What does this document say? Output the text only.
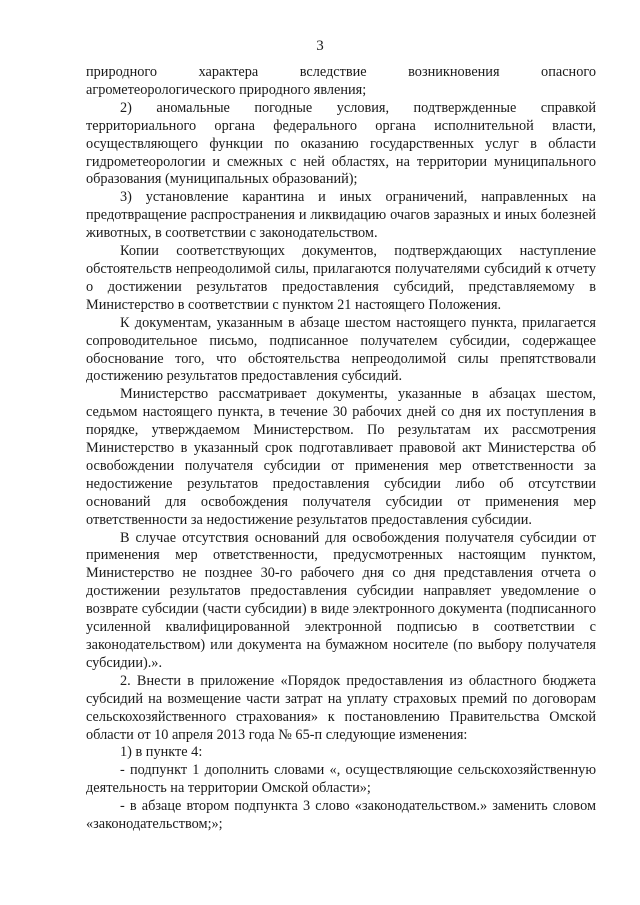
3

природного характера вследствие возникновения опасного агрометеорологического природного явления;

2) аномальные погодные условия, подтвержденные справкой территориального органа федерального органа исполнительной власти, осуществляющего функции по оказанию государственных услуг в области гидрометеорологии и смежных с ней областях, на территории муниципального образования (муниципальных образований);

3) установление карантина и иных ограничений, направленных на предотвращение распространения и ликвидацию очагов заразных и иных болезней животных, в соответствии с законодательством.

Копии соответствующих документов, подтверждающих наступление обстоятельств непреодолимой силы, прилагаются получателями субсидий к отчету о достижении результатов предоставления субсидий, представляемому в Министерство в соответствии с пунктом 21 настоящего Положения.

К документам, указанным в абзаце шестом настоящего пункта, прилагается сопроводительное письмо, подписанное получателем субсидии, содержащее обоснование того, что обстоятельства непреодолимой силы препятствовали достижению результатов предоставления субсидий.

Министерство рассматривает документы, указанные в абзацах шестом, седьмом настоящего пункта, в течение 30 рабочих дней со дня их поступления в порядке, утверждаемом Министерством. По результатам их рассмотрения Министерство в указанный срок подготавливает правовой акт Министерства об освобождении получателя субсидии от применения мер ответственности за недостижение результатов предоставления субсидии либо об отсутствии оснований для освобождения получателя субсидии от применения мер ответственности за недостижение результатов предоставления субсидии.

В случае отсутствия оснований для освобождения получателя субсидии от применения мер ответственности, предусмотренных настоящим пунктом, Министерство не позднее 30-го рабочего дня со дня представления отчета о достижении результатов предоставления субсидии направляет уведомление о возврате субсидии (части субсидии) в виде электронного документа (подписанного усиленной квалифицированной электронной подписью в соответствии с законодательством) или документа на бумажном носителе (по выбору получателя субсидии).».

2. Внести в приложение «Порядок предоставления из областного бюджета субсидий на возмещение части затрат на уплату страховых премий по договорам сельскохозяйственного страхования» к постановлению Правительства Омской области от 10 апреля 2013 года № 65-п следующие изменения:

1) в пункте 4:

- подпункт 1 дополнить словами «, осуществляющие сельскохозяйственную деятельность на территории Омской области»;

- в абзаце втором подпункта 3 слово «законодательством.» заменить словом «законодательством;»;
